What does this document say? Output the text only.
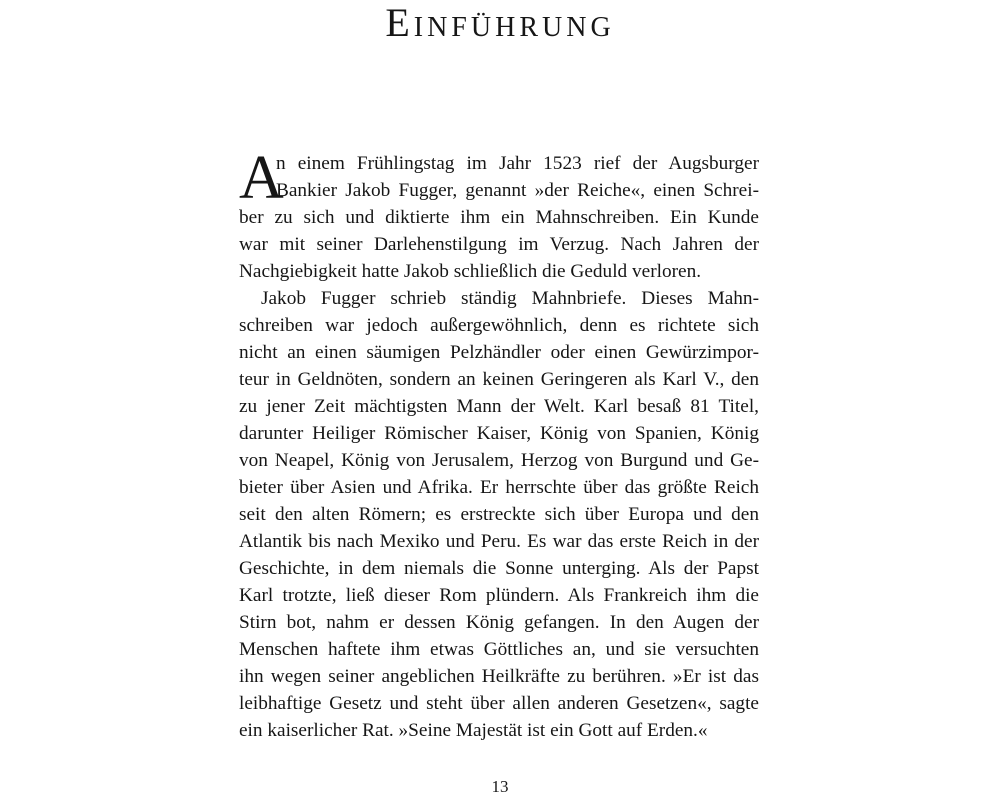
Einführung
A
n einem Frühlingstag im Jahr 1523 rief der Augsburger
Bankier Jakob Fugger, genannt »der Reiche«, einen Schrei-
ber zu sich und diktierte ihm ein Mahnschreiben. Ein Kunde
war mit seiner Darlehenstilgung im Verzug. Nach Jahren der
Nachgiebigkeit hatte Jakob schließlich die Geduld verloren.
Jakob Fugger schrieb ständig Mahnbriefe. Dieses Mahn-
schreiben war jedoch außergewöhnlich, denn es richtete sich
nicht an einen säumigen Pelzhändler oder einen Gewürzimpor-
teur in Geldnöten, sondern an keinen Geringeren als Karl V., den
zu jener Zeit mächtigsten Mann der Welt. Karl besaß 81 Titel,
darunter Heiliger Römischer Kaiser, König von Spanien, König
von Neapel, König von Jerusalem, Herzog von Burgund und Ge-
bieter über Asien und Afrika. Er herrschte über das größte Reich
seit den alten Römern; es erstreckte sich über Europa und den
Atlantik bis nach Mexiko und Peru. Es war das erste Reich in der
Geschichte, in dem niemals die Sonne unterging. Als der Papst
Karl trotzte, ließ dieser Rom plündern. Als Frankreich ihm die
Stirn bot, nahm er dessen König gefangen. In den Augen der
Menschen haftete ihm etwas Göttliches an, und sie versuchten
ihn wegen seiner angeblichen Heilkräfte zu berühren. »Er ist das
leibhaftige Gesetz und steht über allen anderen Gesetzen«, sagte
ein kaiserlicher Rat. »Seine Majestät ist ein Gott auf Erden.«
13
